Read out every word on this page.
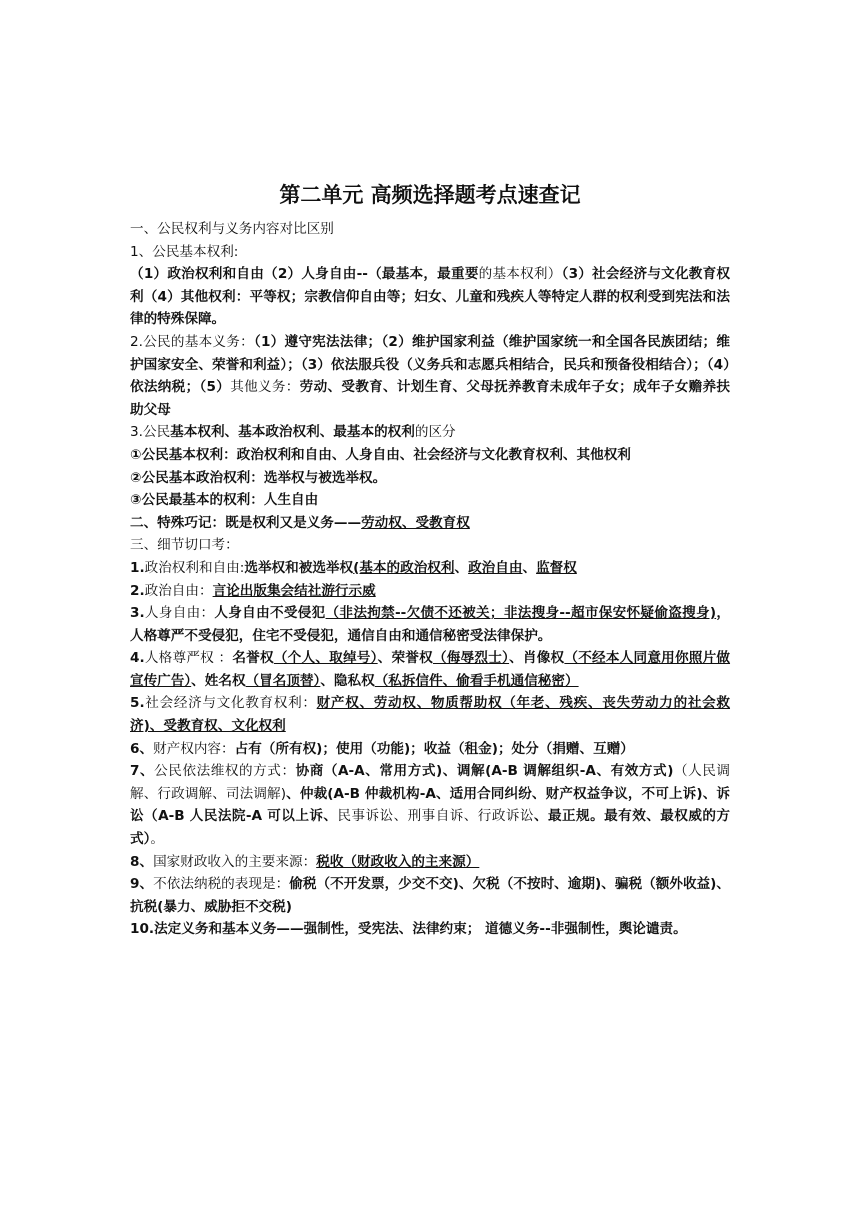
第二单元 高频选择题考点速查记

一、公民权利与义务内容对比区别

1、公民基本权利:

（1）政治权利和自由（2）人身自由--（最基本，最重要的基本权利）（3）社会经济与文化教育权利（4）其他权利：平等权；宗教信仰自由等；妇女、儿童和残疾人等特定人群的权利受到宪法和法律的特殊保障。

2.公民的基本义务：（1）遵守宪法法律；（2）维护国家利益（维护国家统一和全国各民族团结；维护国家安全、荣誉和利益）；（3）依法服兵役（义务兵和志愿兵相结合，民兵和预备役相结合）；（4）依法纳税；（5）其他义务：劳动、受教育、计划生育、父母抚养教育未成年子女；成年子女赡养扶助父母

3.公民基本权利、基本政治权利、最基本的权利的区分

①公民基本权利：政治权利和自由、人身自由、社会经济与文化教育权利、其他权利

②公民基本政治权利：选举权与被选举权。

③公民最基本的权利：人生自由

二、特殊巧记：既是权利又是义务——劳动权、受教育权

三、细节切口考：

1.政治权利和自由:选举权和被选举权(基本的政治权利、政治自由、监督权

2.政治自由：言论出版集会结社游行示威

3.人身自由：人身自由不受侵犯（非法拘禁--欠债不还被关；非法搜身--超市保安怀疑偷盗搜身)，人格尊严不受侵犯，住宅不受侵犯，通信自由和通信秘密受法律保护。

4.人格尊严权 ：名誉权（个人、取绰号）、荣誉权（侮辱烈士）、肖像权（不经本人同意用你照片做宣传广告）、姓名权（冒名顶替）、隐私权（私拆信件、偷看手机通信秘密）

5.社会经济与文化教育权利：财产权、劳动权、物质帮助权（年老、残疾、丧失劳动力的社会救济)、受教育权、文化权利

6、财产权内容：占有（所有权)；使用（功能)；收益（租金)；处分（捐赠、互赠）

7、公民依法维权的方式：协商（A-A、常用方式)、调解(A-B 调解组织-A、有效方式)（人民调解、行政调解、司法调解)、仲裁(A-B 仲裁机构-A、适用合同纠纷、财产权益争议，不可上诉)、诉讼（A-B 人民法院-A 可以上诉、民事诉讼、刑事自诉、行政诉讼、最正规。最有效、最权威的方式）。

8、国家财政收入的主要来源：税收（财政收入的主来源）

9、不依法纳税的表现是：偷税（不开发票，少交不交)、欠税（不按时、逾期)、骗税（额外收益)、抗税(暴力、威胁拒不交税)

10.法定义务和基本义务——强制性，受宪法、法律约束； 道德义务--非强制性，舆论谴责。
